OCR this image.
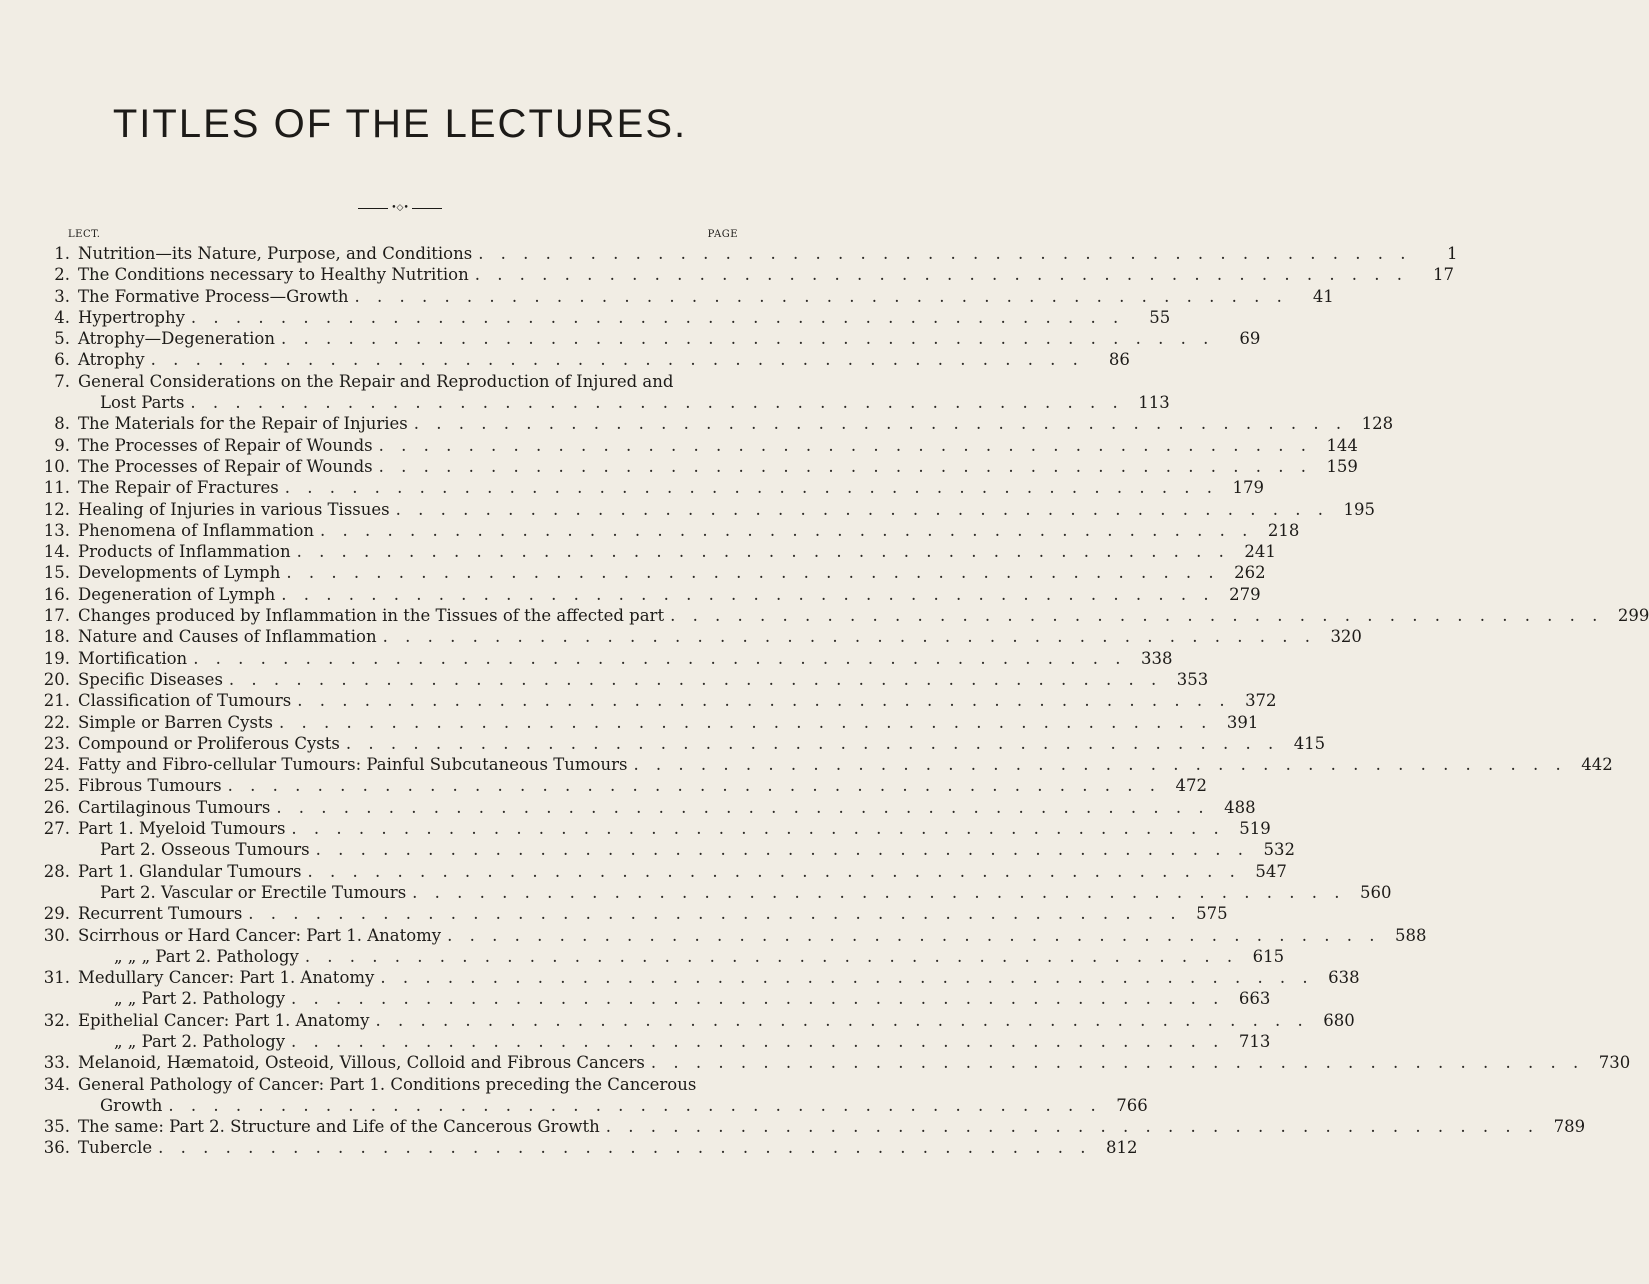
TITLES OF THE LECTURES.
•◇•
LECT.	PAGE
1. Nutrition—its Nature, Purpose, and Conditions . . . . . . . . . . . . . . . . . . . . . . . . . . . . . . . . . . . . . . . . . .	1
2. The Conditions necessary to Healthy Nutrition . . . . . . . . . . . . . . . . . . . . . . . . . . . . . . . . . . . . . . . . . .	17
3. The Formative Process—Growth . . . . . . . . . . . . . . . . . . . . . . . . . . . . . . . . . . . . . . . . . .	41
4. Hypertrophy . . . . . . . . . . . . . . . . . . . . . . . . . . . . . . . . . . . . . . . . . .	55
5. Atrophy—Degeneration . . . . . . . . . . . . . . . . . . . . . . . . . . . . . . . . . . . . . . . . . .	69
6. Atrophy . . . . . . . . . . . . . . . . . . . . . . . . . . . . . . . . . . . . . . . . . .	86
7. General Considerations on the Repair and Reproduction of Injured and
Lost Parts . . . . . . . . . . . . . . . . . . . . . . . . . . . . . . . . . . . . . . . . . . 113
8. The Materials for the Repair of Injuries . . . . . . . . . . . . . . . . . . . . . . . . . . . . . . . . . . . . . . . . . . 128
9. The Processes of Repair of Wounds . . . . . . . . . . . . . . . . . . . . . . . . . . . . . . . . . . . . . . . . . . 144
10. The Processes of Repair of Wounds . . . . . . . . . . . . . . . . . . . . . . . . . . . . . . . . . . . . . . . . . . 159
11. The Repair of Fractures . . . . . . . . . . . . . . . . . . . . . . . . . . . . . . . . . . . . . . . . . . 179
12. Healing of Injuries in various Tissues . . . . . . . . . . . . . . . . . . . . . . . . . . . . . . . . . . . . . . . . . . 195
13. Phenomena of Inflammation . . . . . . . . . . . . . . . . . . . . . . . . . . . . . . . . . . . . . . . . . . 218
14. Products of Inflammation . . . . . . . . . . . . . . . . . . . . . . . . . . . . . . . . . . . . . . . . . . 241
15. Developments of Lymph . . . . . . . . . . . . . . . . . . . . . . . . . . . . . . . . . . . . . . . . . . 262
16. Degeneration of Lymph . . . . . . . . . . . . . . . . . . . . . . . . . . . . . . . . . . . . . . . . . . 279
17. Changes produced by Inflammation in the Tissues of the affected part . . . . . . . . . . . . . . . . . . . . . . . . . . . . . . . . . . . . . . . . . . 299
18. Nature and Causes of Inflammation . . . . . . . . . . . . . . . . . . . . . . . . . . . . . . . . . . . . . . . . . . 320
19. Mortification . . . . . . . . . . . . . . . . . . . . . . . . . . . . . . . . . . . . . . . . . . 338
20. Specific Diseases . . . . . . . . . . . . . . . . . . . . . . . . . . . . . . . . . . . . . . . . . . 353
21. Classification of Tumours . . . . . . . . . . . . . . . . . . . . . . . . . . . . . . . . . . . . . . . . . . 372
22. Simple or Barren Cysts . . . . . . . . . . . . . . . . . . . . . . . . . . . . . . . . . . . . . . . . . . 391
23. Compound or Proliferous Cysts . . . . . . . . . . . . . . . . . . . . . . . . . . . . . . . . . . . . . . . . . . 415
24. Fatty and Fibro-cellular Tumours: Painful Subcutaneous Tumours . . . . . . . . . . . . . . . . . . . . . . . . . . . . . . . . . . . . . . . . . . 442
25. Fibrous Tumours . . . . . . . . . . . . . . . . . . . . . . . . . . . . . . . . . . . . . . . . . . 472
26. Cartilaginous Tumours . . . . . . . . . . . . . . . . . . . . . . . . . . . . . . . . . . . . . . . . . . 488
27. Part 1. Myeloid Tumours . . . . . . . . . . . . . . . . . . . . . . . . . . . . . . . . . . . . . . . . . . 519
Part 2. Osseous Tumours . . . . . . . . . . . . . . . . . . . . . . . . . . . . . . . . . . . . . . . . . . 532
28. Part 1. Glandular Tumours . . . . . . . . . . . . . . . . . . . . . . . . . . . . . . . . . . . . . . . . . . 547
Part 2. Vascular or Erectile Tumours . . . . . . . . . . . . . . . . . . . . . . . . . . . . . . . . . . . . . . . . . . 560
29. Recurrent Tumours . . . . . . . . . . . . . . . . . . . . . . . . . . . . . . . . . . . . . . . . . . 575
30. Scirrhous or Hard Cancer: Part 1. Anatomy . . . . . . . . . . . . . . . . . . . . . . . . . . . . . . . . . . . . . . . . . . 588
„ „ „ Part 2. Pathology . . . . . . . . . . . . . . . . . . . . . . . . . . . . . . . . . . . . . . . . . . 615
31. Medullary Cancer: Part 1. Anatomy . . . . . . . . . . . . . . . . . . . . . . . . . . . . . . . . . . . . . . . . . . 638
„ „ Part 2. Pathology . . . . . . . . . . . . . . . . . . . . . . . . . . . . . . . . . . . . . . . . . . 663
32. Epithelial Cancer: Part 1. Anatomy . . . . . . . . . . . . . . . . . . . . . . . . . . . . . . . . . . . . . . . . . . 680
„ „ Part 2. Pathology . . . . . . . . . . . . . . . . . . . . . . . . . . . . . . . . . . . . . . . . . . 713
33. Melanoid, Hæmatoid, Osteoid, Villous, Colloid and Fibrous Cancers . . . . . . . . . . . . . . . . . . . . . . . . . . . . . . . . . . . . . . . . . . 730
34. General Pathology of Cancer: Part 1. Conditions preceding the Cancerous
Growth . . . . . . . . . . . . . . . . . . . . . . . . . . . . . . . . . . . . . . . . . . 766
35. The same: Part 2. Structure and Life of the Cancerous Growth . . . . . . . . . . . . . . . . . . . . . . . . . . . . . . . . . . . . . . . . . . 789
36. Tubercle . . . . . . . . . . . . . . . . . . . . . . . . . . . . . . . . . . . . . . . . . . 812
